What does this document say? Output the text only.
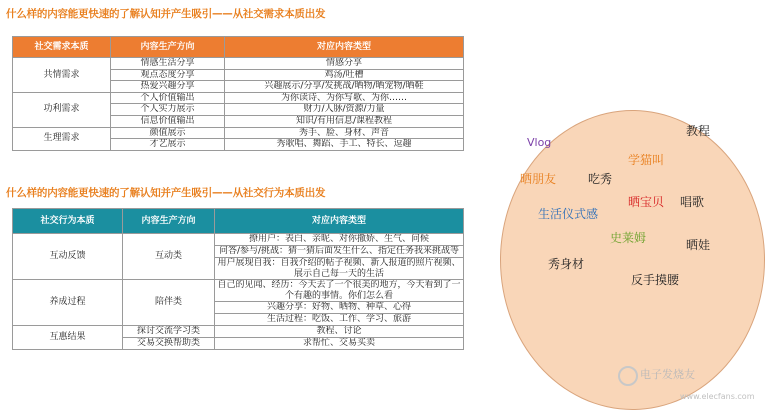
什么样的内容能更快速的了解认知并产生吸引——从社交需求本质出发
社交需求本质	内容生产方向	对应内容类型
共情需求	情感生活分享	情感分享
	观点态度分享	鸡汤/吐槽
	热爱兴趣分享	兴趣展示/分享/发挑战/晒物/晒宠物/晒鞋
功利需求	个人价值输出	为你读诗、为你写歌、为你……
	个人实力展示	财力/人脉/资源/力量
	信息价值输出	知识/有用信息/课程教程
生理需求	颜值展示	秀手、脸、身材、声音
	才艺展示	秀歌唱、舞蹈、手工、特长、逗趣
什么样的内容能更快速的了解认知并产生吸引——从社交行为本质出发
社交行为本质	内容生产方向	对应内容类型
互动反馈	互动类	撩用户：表白、亲昵、对你撒娇、生气、问候
		问答/参与/挑战：猜一猜后面发生什么、指定任务我来挑战等
		用户展现自我：自我介绍的帖子视频、新人报道的照片视频、展示自己每一天的生活
养成过程	陪伴类	自己的见闻、经历：今天去了一个很美的地方，今天看到了一个有趣的事情。你们怎么看
		兴趣分享：好物、晒物、种草、心得
		生活过程：吃饭、工作、学习、旅游
互惠结果	探讨交流学习类	教程、讨论
	交易交换帮助类	求帮忙、交易买卖
Vlog
教程
学猫叫
晒朋友	吃秀
晒宝贝 唱歌
生活仪式感
史莱姆	晒娃
秀身材
反手摸腰
电子发烧友
www.elecfans.com
